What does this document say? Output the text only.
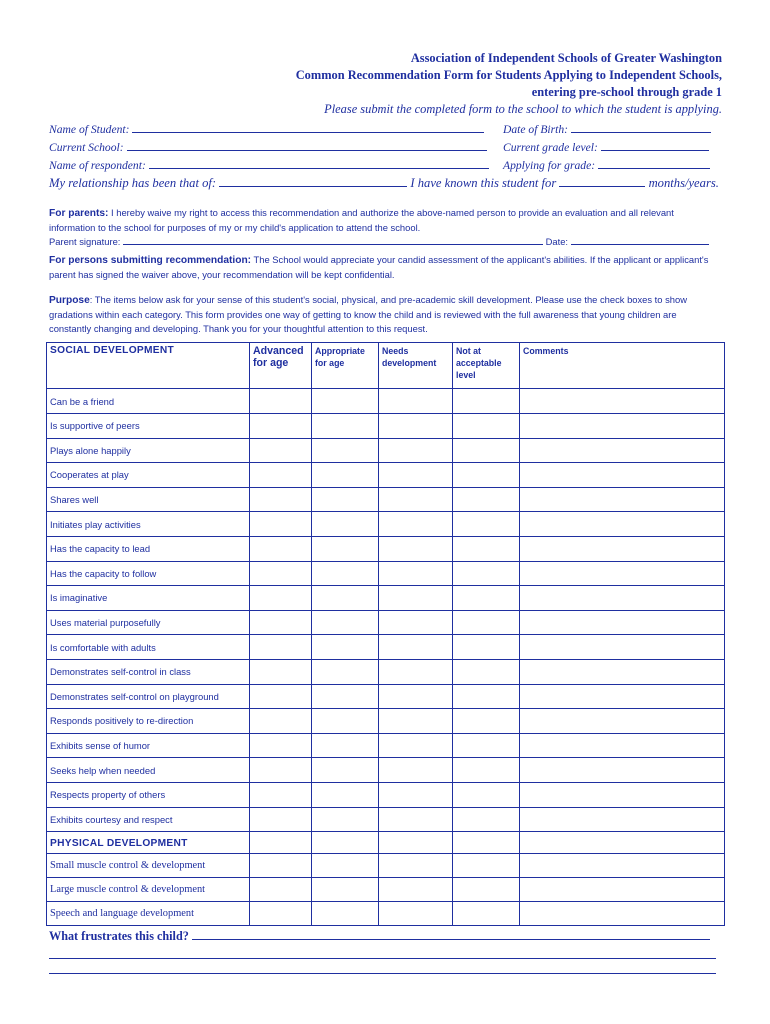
Association of Independent Schools of Greater Washington
Common Recommendation Form for Students Applying to Independent Schools,
entering pre-school through grade 1
Please submit the completed form to the school to which the student is applying.
Name of Student:	Date of Birth:
Current School:	Current grade level:
Name of respondent:	Applying for grade:
My relationship has been that of:	I have known this student for	months/years.
For parents: I hereby waive my right to access this recommendation and authorize the above-named person to provide an evaluation and all relevant information to the school for purposes of my or my child's application to attend the school.
Parent signature:	Date:
For persons submitting recommendation: The School would appreciate your candid assessment of the applicant's abilities. If the applicant or applicant's parent has signed the waiver above, your recommendation will be kept confidential.
Purpose: The items below ask for your sense of this student's social, physical, and pre-academic skill development. Please use the check boxes to show gradations within each category. This form provides one way of getting to know the child and is reviewed with the full awareness that young children are constantly changing and developing. Thank you for your thoughtful attention to this request.
SOCIAL DEVELOPMENT	Advanced for age	Appropriate for age	Needs development	Not at acceptable level	Comments
Can be a friend					
Is supportive of peers					
Plays alone happily					
Cooperates at play					
Shares well					
Initiates play activities					
Has the capacity to lead					
Has the capacity to follow					
Is imaginative					
Uses material purposefully					
Is comfortable with adults					
Demonstrates self-control in class					
Demonstrates self-control on playground					
Responds positively to re-direction					
Exhibits sense of humor					
Seeks help when needed					
Respects property of others					
Exhibits courtesy and respect					
PHYSICAL DEVELOPMENT					
Small muscle control & development					
Large muscle control & development					
Speech and language development					
What frustrates this child?
